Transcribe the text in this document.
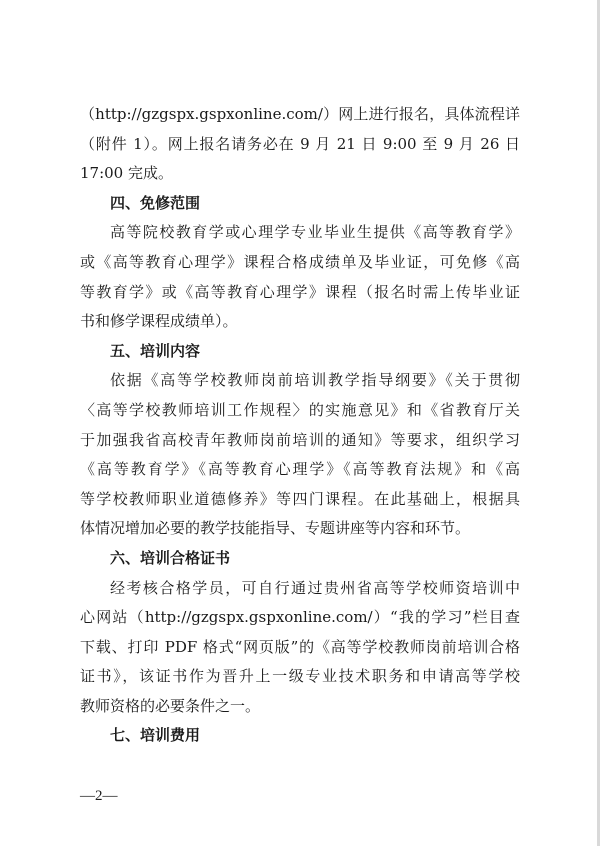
（http://gzgspx.gspxonline.com/）网上进行报名，具体流程详
（附件 1）。网上报名请务必在 9 月 21 日 9:00 至 9 月 26 日
17:00 完成。
四、免修范围
高等院校教育学或心理学专业毕业生提供《高等教育学》
或《高等教育心理学》课程合格成绩单及毕业证，可免修《高
等教育学》或《高等教育心理学》课程（报名时需上传毕业证
书和修学课程成绩单）。
五、培训内容
依据《高等学校教师岗前培训教学指导纲要》《关于贯彻
〈高等学校教师培训工作规程〉的实施意见》和《省教育厅关
于加强我省高校青年教师岗前培训的通知》等要求，组织学习
《高等教育学》《高等教育心理学》《高等教育法规》和《高
等学校教师职业道德修养》等四门课程。在此基础上，根据具
体情况增加必要的教学技能指导、专题讲座等内容和环节。
六、培训合格证书
经考核合格学员，可自行通过贵州省高等学校师资培训中
心网站（http://gzgspx.gspxonline.com/）“我的学习”栏目查
下载、打印 PDF 格式“网页版”的《高等学校教师岗前培训合格
证书》，该证书作为晋升上一级专业技术职务和申请高等学校
教师资格的必要条件之一。
七、培训费用
—2—
